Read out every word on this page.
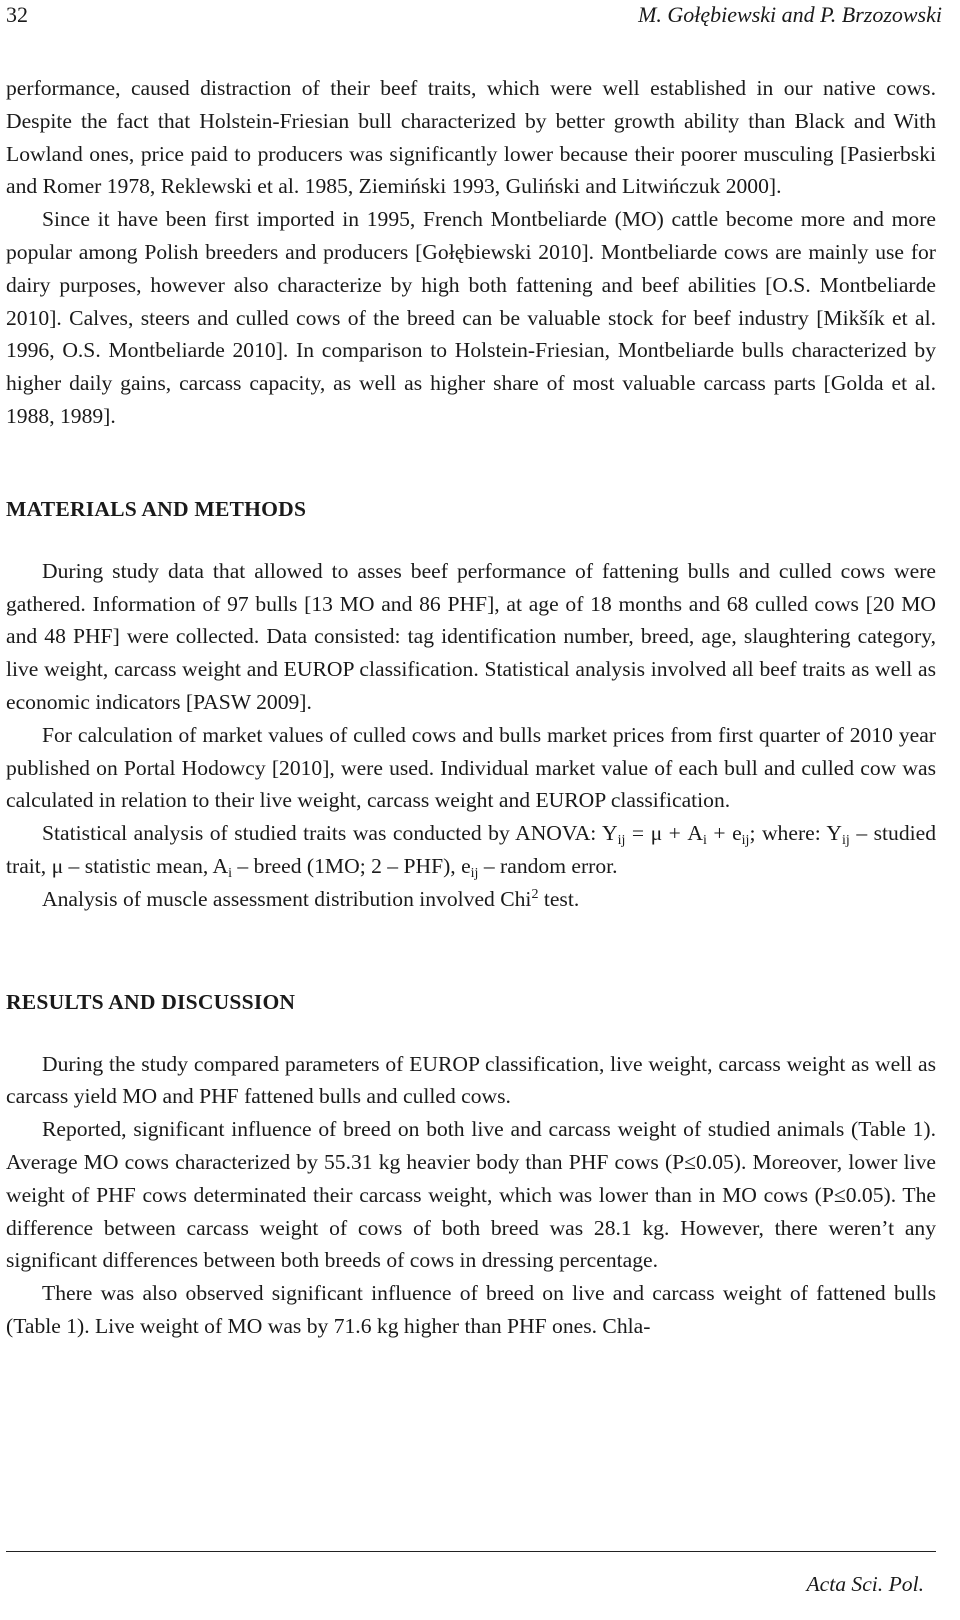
32	M. Gołębiewski and P. Brzozowski

performance, caused distraction of their beef traits, which were well established in our native cows. Despite the fact that Holstein-Friesian bull characterized by better growth ability than Black and With Lowland ones, price paid to producers was significantly lower because their poorer musculing [Pasierbski and Romer 1978, Reklewski et al. 1985, Ziemiński 1993, Guliński and Litwińczuk 2000].

Since it have been first imported in 1995, French Montbeliarde (MO) cattle become more and more popular among Polish breeders and producers [Gołębiewski 2010]. Montbeliarde cows are mainly use for dairy purposes, however also characterize by high both fattening and beef abilities [O.S. Montbeliarde 2010]. Calves, steers and culled cows of the breed can be valuable stock for beef industry [Mikšík et al. 1996, O.S. Montbeliarde 2010]. In comparison to Holstein-Friesian, Montbeliarde bulls characterized by higher daily gains, carcass capacity, as well as higher share of most valuable carcass parts [Golda et al. 1988, 1989].

MATERIALS AND METHODS

During study data that allowed to asses beef performance of fattening bulls and culled cows were gathered. Information of 97 bulls [13 MO and 86 PHF], at age of 18 months and 68 culled cows [20 MO and 48 PHF] were collected. Data consisted: tag identification number, breed, age, slaughtering category, live weight, carcass weight and EUROP classification. Statistical analysis involved all beef traits as well as economic indicators [PASW 2009].

For calculation of market values of culled cows and bulls market prices from first quarter of 2010 year published on Portal Hodowcy [2010], were used. Individual market value of each bull and culled cow was calculated in relation to their live weight, carcass weight and EUROP classification.

Statistical analysis of studied traits was conducted by ANOVA: $Y_{ij} = \mu + A_i + e_{ij}$; where: $Y_{ij}$ – studied trait, μ – statistic mean, $A_i$ – breed (1MO; 2 – PHF), $e_{ij}$ – random error.

Analysis of muscle assessment distribution involved Chi$^2$ test.

RESULTS AND DISCUSSION

During the study compared parameters of EUROP classification, live weight, carcass weight as well as carcass yield MO and PHF fattened bulls and culled cows.

Reported, significant influence of breed on both live and carcass weight of studied animals (Table 1). Average MO cows characterized by 55.31 kg heavier body than PHF cows (P≤0.05). Moreover, lower live weight of PHF cows determinated their carcass weight, which was lower than in MO cows (P≤0.05). The difference between carcass weight of cows of both breed was 28.1 kg. However, there weren’t any significant differences between both breeds of cows in dressing percentage.

There was also observed significant influence of breed on live and carcass weight of fattened bulls (Table 1). Live weight of MO was by 71.6 kg higher than PHF ones. Chla-

Acta Sci. Pol.
